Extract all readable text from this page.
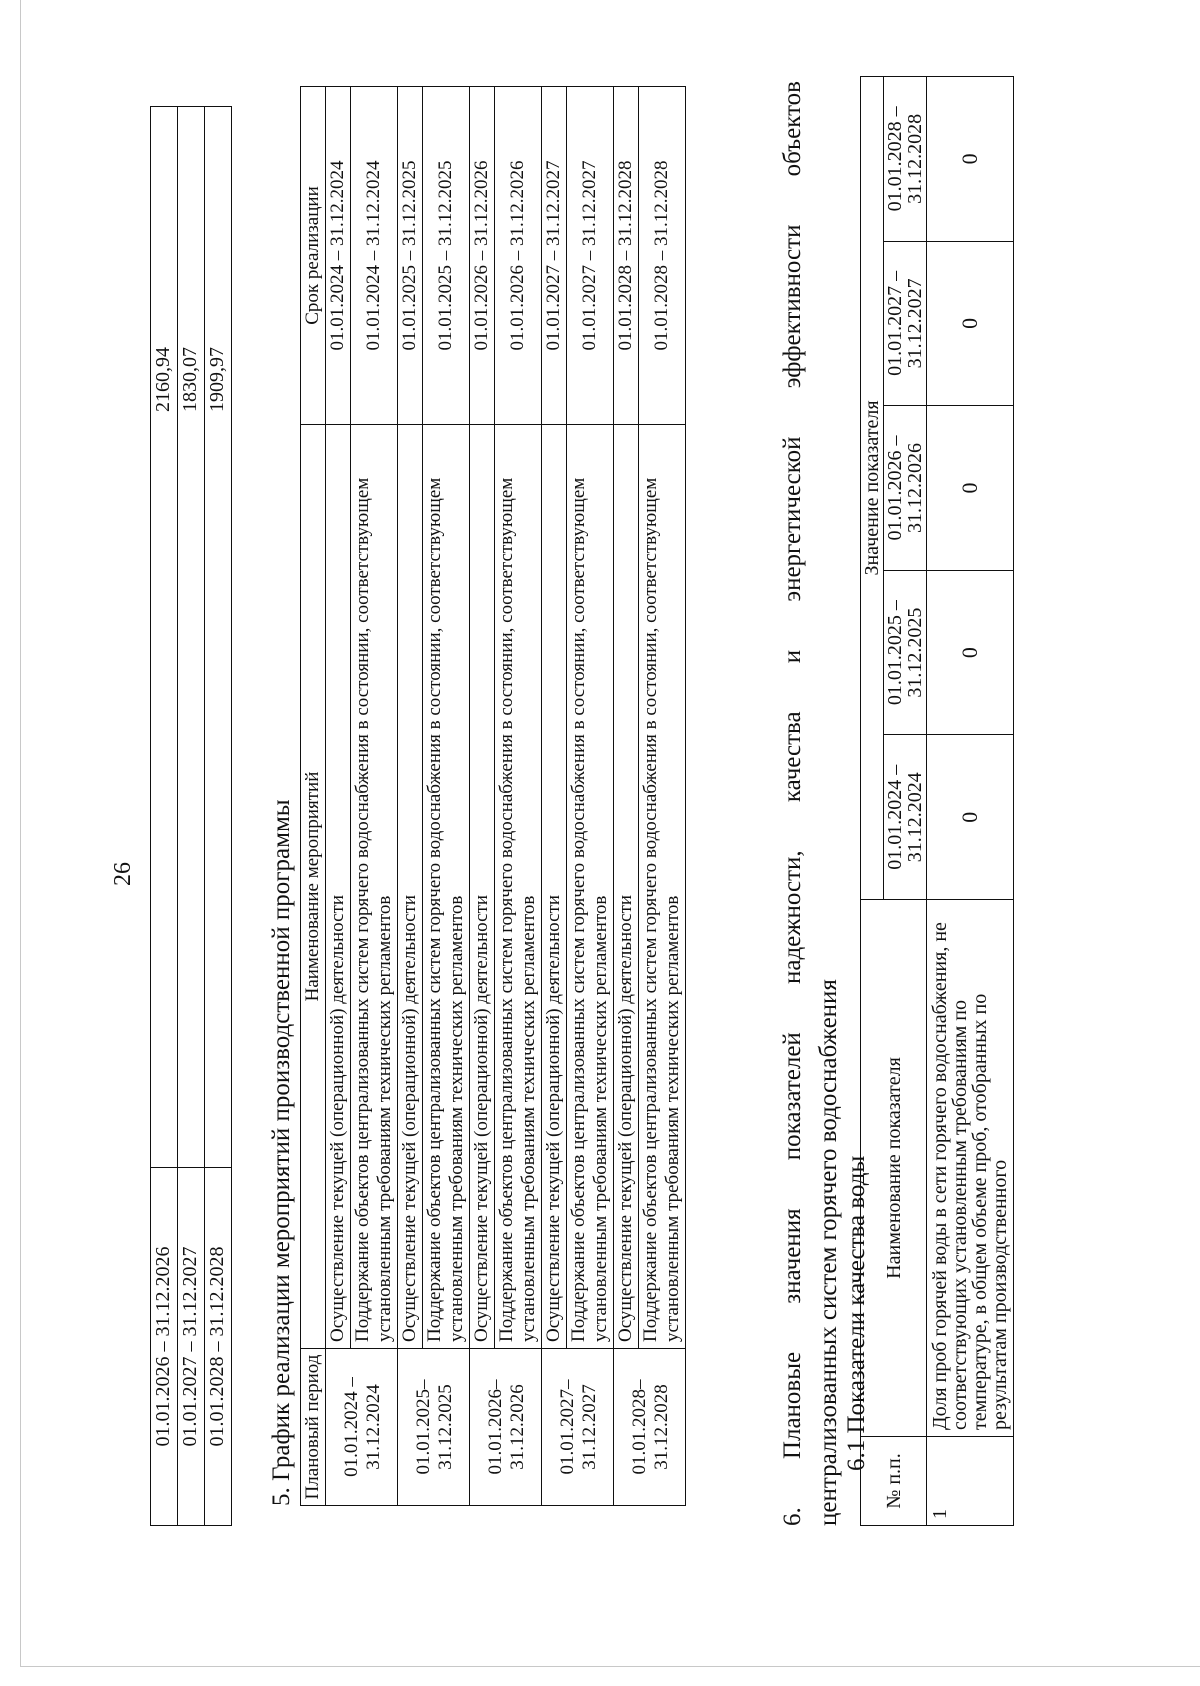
26
01.01.2026 – 31.12.2026	2160,94
01.01.2027 – 31.12.2027	1830,07
01.01.2028 – 31.12.2028	1909,97
5. График реализации мероприятий производственной программы Плановый период	Наименование мероприятий	Срок реализации
01.01.2024 – 31.12.2024	Осуществление текущей (операционной) деятельности	01.01.2024 – 31.12.2024
	Поддержание объектов централизованных систем горячего водоснабжения в состоянии, соответствующем установленным требованиям технических регламентов	01.01.2024 – 31.12.2024
01.01.2025– 31.12.2025	Осуществление текущей (операционной) деятельности	01.01.2025 – 31.12.2025
	Поддержание объектов централизованных систем горячего водоснабжения в состоянии, соответствующем установленным требованиям технических регламентов	01.01.2025 – 31.12.2025
01.01.2026– 31.12.2026	Осуществление текущей (операционной) деятельности	01.01.2026 – 31.12.2026
	Поддержание объектов централизованных систем горячего водоснабжения в состоянии, соответствующем установленным требованиям технических регламентов	01.01.2026 – 31.12.2026
01.01.2027– 31.12.2027	Осуществление текущей (операционной) деятельности	01.01.2027 – 31.12.2027
	Поддержание объектов централизованных систем горячего водоснабжения в состоянии, соответствующем установленным требованиям технических регламентов	01.01.2027 – 31.12.2027
01.01.2028– 31.12.2028	Осуществление текущей (операционной) деятельности	01.01.2028 – 31.12.2028
	Поддержание объектов централизованных систем горячего водоснабжения в состоянии, соответствующем установленным требованиям технических регламентов	01.01.2028 – 31.12.2028
6.
Плановые
значения
показателей
надежности,
качества
и
энергетической
эффективности
объектов
централизованных систем горячего водоснабжения 6.1 Показатели качества воды
№ п.п.	Наименование показателя	Значение показателя				
		01.01.2024 – 31.12.2024	01.01.2025 – 31.12.2025	01.01.2026 – 31.12.2026	01.01.2027 – 31.12.2027	01.01.2028 – 31.12.2028
1	Доля проб горячей воды в сети горячего водоснабжения, не соответствующих установленным требованиям по температуре, в общем объеме проб, отобранных по результатам производственного	0	0	0	0	0
